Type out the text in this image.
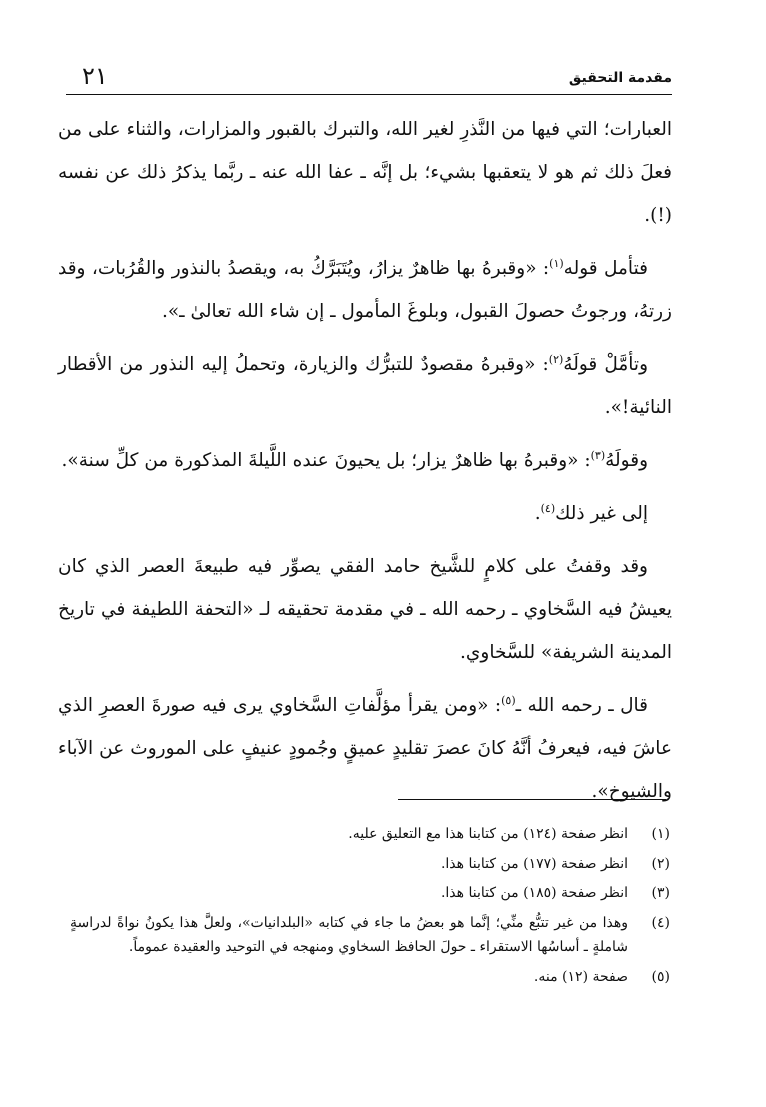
مقدمة التحقيق
٢١

العبارات؛ التي فيها من النَّذرِ لغير الله، والتبرك بالقبور والمزارات، والثناء على من فعلَ ذلك ثم هو لا يتعقبها بشيء؛ بل إنَّه ـ عفا الله عنه ـ ربَّما يذكرُ ذلك عن نفسه (!).

فتأمل قوله$^{(١)}$: «وقبرهُ بها ظاهرٌ يزارُ، ويُتَبَرَّكُ به، ويقصدُ بالنذور والقُرُبات، وقد زرتهُ، ورجوتُ حصولَ القبول، وبلوغَ المأمول ـ إن شاء الله تعالىٰ ـ».

وتأمَّلْ قولَهُ$^{(٢)}$: «وقبرهُ مقصودٌ للتبرُّك والزيارة، وتحملُ إليه النذور من الأقطار النائية!».

وقولَهُ$^{(٣)}$: «وقبرهُ بها ظاهرٌ يزار؛ بل يحيونَ عنده اللَّيلةَ المذكورة من كلِّ سنة».

إلى غير ذلك$^{(٤)}$.

وقد وقفتُ على كلامٍ للشَّيخ حامد الفقي يصوِّر فيه طبيعةَ العصر الذي كان يعيشُ فيه السَّخاوي ـ رحمه الله ـ في مقدمة تحقيقه لـ «التحفة اللطيفة في تاريخ المدينة الشريفة» للسَّخاوي.

قال ـ رحمه الله ـ$^{(٥)}$: «ومن يقرأ مؤلَّفاتِ السَّخاوي يرى فيه صورةَ العصرِ الذي عاشَ فيه، فيعرفُ أنَّهُ كانَ عصرَ تقليدٍ عميقٍ وجُمودٍ عنيفٍ على الموروث عن الآباء والشيوخ».

(١)
انظر صفحة (١٢٤) من كتابنا هذا مع التعليق عليه.
(٢)
انظر صفحة (١٧٧) من كتابنا هذا.
(٣)
انظر صفحة (١٨٥) من كتابنا هذا.
(٤)
وهذا من غير تتبُّع منِّي؛ إنَّما هو بعضُ ما جاء في كتابه «البلدانيات»، ولعلَّ هذا يكونُ نواةً لدراسةٍ شاملةٍ ـ أساسُها الاستقراء ـ حولَ الحافظ السخاوي ومنهجه في التوحيد والعقيدة عموماً.
(٥)
صفحة (١٢) منه.
